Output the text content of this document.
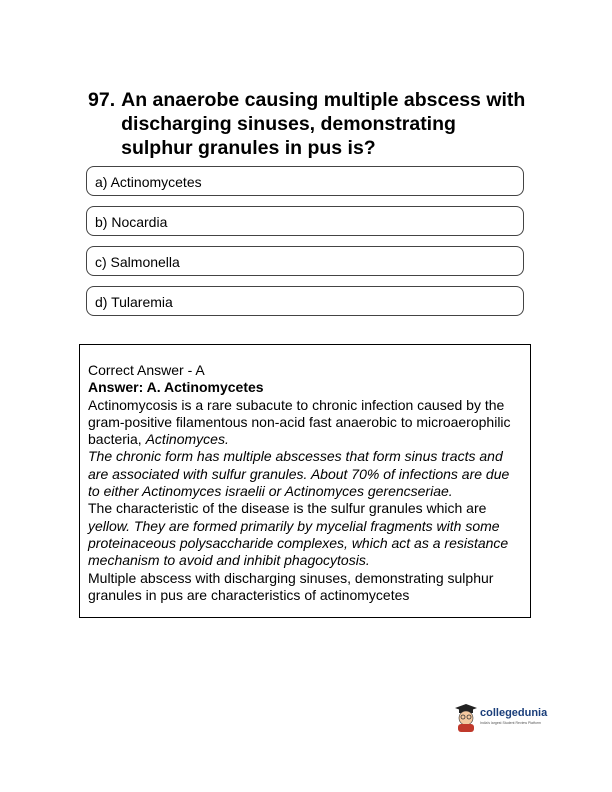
97. An anaerobe causing multiple abscess with discharging sinuses, demonstrating sulphur granules in pus is?
a) Actinomycetes
b) Nocardia
c) Salmonella
d) Tularemia
Correct Answer - A
Answer: A. Actinomycetes
Actinomycosis is a rare subacute to chronic infection caused by the gram-positive filamentous non-acid fast anaerobic to microaerophilic bacteria, Actinomyces.
The chronic form has multiple abscesses that form sinus tracts and are associated with sulfur granules. About 70% of infections are due to either Actinomyces israelii or Actinomyces gerencseriae.
The characteristic of the disease is the sulfur granules which are yellow. They are formed primarily by mycelial fragments with some proteinaceous polysaccharide complexes, which act as a resistance mechanism to avoid and inhibit phagocytosis.
Multiple abscess with discharging sinuses, demonstrating sulphur granules in pus are characteristics of actinomycetes
collegedunia
India's largest Student Review Platform
